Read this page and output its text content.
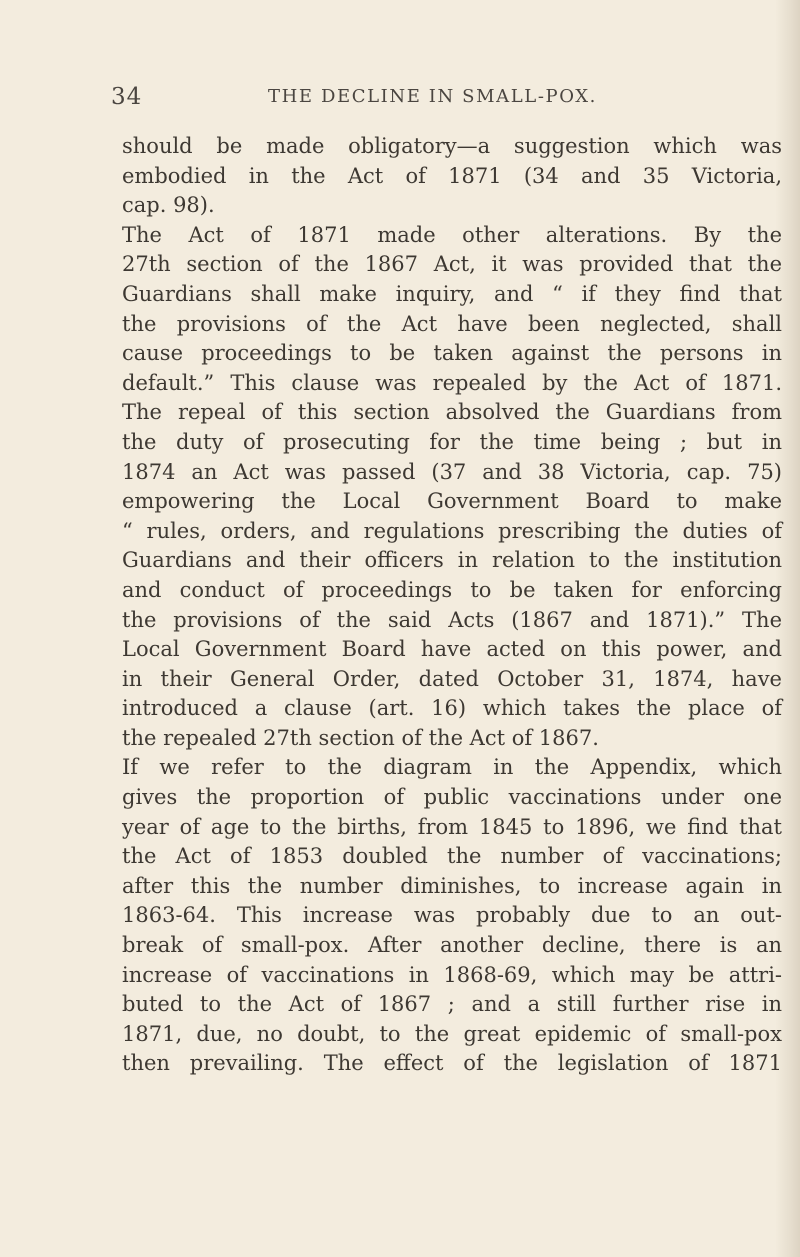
34	THE DECLINE IN SMALL-POX.
should be made obligatory—a suggestion which was
embodied in the Act of 1871 (34 and 35 Victoria,
cap. 98).
The Act of 1871 made other alterations. By the
27th section of the 1867 Act, it was provided that the
Guardians shall make inquiry, and “ if they find that
the provisions of the Act have been neglected, shall
cause proceedings to be taken against the persons in
default.” This clause was repealed by the Act of 1871.
The repeal of this section absolved the Guardians from
the duty of prosecuting for the time being ; but in
1874 an Act was passed (37 and 38 Victoria, cap. 75)
empowering the Local Government Board to make
“ rules, orders, and regulations prescribing the duties of
Guardians and their officers in relation to the institution
and conduct of proceedings to be taken for enforcing
the provisions of the said Acts (1867 and 1871).” The
Local Government Board have acted on this power, and
in their General Order, dated October 31, 1874, have
introduced a clause (art. 16) which takes the place of
the repealed 27th section of the Act of 1867.
If we refer to the diagram in the Appendix, which
gives the proportion of public vaccinations under one
year of age to the births, from 1845 to 1896, we find that
the Act of 1853 doubled the number of vaccinations;
after this the number diminishes, to increase again in
1863-64. This increase was probably due to an out-
break of small-pox. After another decline, there is an
increase of vaccinations in 1868-69, which may be attri-
buted to the Act of 1867 ; and a still further rise in
1871, due, no doubt, to the great epidemic of small-pox
then prevailing. The effect of the legislation of 1871
